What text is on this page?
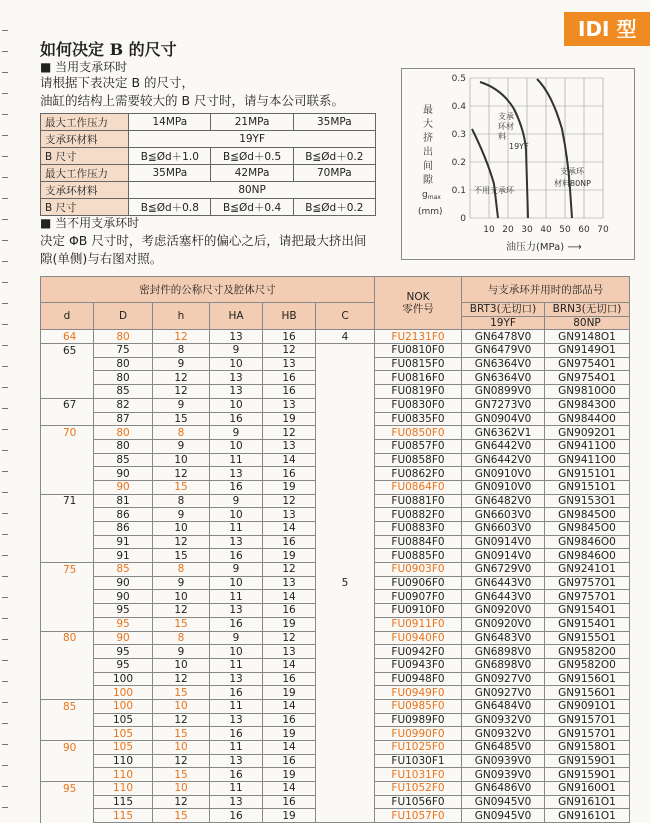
IDI 型
如何决定 B 的尺寸
■ 当用支承环时
请根据下表决定 B 的尺寸，
油缸的结构上需要较大的 B 尺寸时，请与本公司联系。
最大工作压力	14MPa	21MPa	35MPa
支承环材料	19YF		
B 尺寸	B≦Ød＋1.0	B≦Ød＋0.5	B≦Ød＋0.2
最大工作压力	35MPa	42MPa	70MPa
支承环材料	80NP		
B 尺寸	B≦Ød＋0.8	B≦Ød＋0.4	B≦Ød＋0.2
■ 当不用支承环时
决定 ΦB 尺寸时，考虑活塞杆的偏心之后，请把最大挤出间
隙(单侧)与右图对照。
0.5
0.4
0.3
0.2
0.1
0
10 20 30 40 50 60 70
油压力(MPa) ⟶
最
大
挤
出
间
隙
$g_{max}$
(mm)
支承
环材
料
19YF
支承环
材料80NP
不用支承环
密封件的公称尺寸及腔体尺寸						NOK
零件号	与支承环并用时的部品号	
d	D	h	HA	HB	C		BRT3(无切口)	BRN3(无切口)
							19YF	80NP
64	80	12	13	16	4	FU2131F0	GN6478V0	GN9148O1
65	75	8	9	12	5	FU0810F0	GN6479V0	GN9149O1
	80	9	10	13		FU0815F0	GN6364V0	GN9754O1
	80	12	13	16		FU0816F0	GN6364V0	GN9754O1
	85	12	13	16		FU0819F0	GN0899V0	GN9810O0
67	82	9	10	13		FU0830F0	GN7273V0	GN9843O0
	87	15	16	19		FU0835F0	GN0904V0	GN9844O0
70	80	8	9	12		FU0850F0	GN6362V1	GN9092O1
	80	9	10	13		FU0857F0	GN6442V0	GN9411O0
	85	10	11	14		FU0858F0	GN6442V0	GN9411O0
	90	12	13	16		FU0862F0	GN0910V0	GN9151O1
	90	15	16	19		FU0864F0	GN0910V0	GN9151O1
71	81	8	9	12		FU0881F0	GN6482V0	GN9153O1
	86	9	10	13		FU0882F0	GN6603V0	GN9845O0
	86	10	11	14		FU0883F0	GN6603V0	GN9845O0
	91	12	13	16		FU0884F0	GN0914V0	GN9846O0
	91	15	16	19		FU0885F0	GN0914V0	GN9846O0
75	85	8	9	12		FU0903F0	GN6729V0	GN9241O1
	90	9	10	13		FU0906F0	GN6443V0	GN9757O1
	90	10	11	14		FU0907F0	GN6443V0	GN9757O1
	95	12	13	16		FU0910F0	GN0920V0	GN9154O1
	95	15	16	19		FU0911F0	GN0920V0	GN9154O1
80	90	8	9	12		FU0940F0	GN6483V0	GN9155O1
	95	9	10	13		FU0942F0	GN6898V0	GN9582O0
	95	10	11	14		FU0943F0	GN6898V0	GN9582O0
	100	12	13	16		FU0948F0	GN0927V0	GN9156O1
	100	15	16	19		FU0949F0	GN0927V0	GN9156O1
85	100	10	11	14		FU0985F0	GN6484V0	GN9091O1
	105	12	13	16		FU0989F0	GN0932V0	GN9157O1
	105	15	16	19		FU0990F0	GN0932V0	GN9157O1
90	105	10	11	14		FU1025F0	GN6485V0	GN9158O1
	110	12	13	16		FU1030F1	GN0939V0	GN9159O1
	110	15	16	19		FU1031F0	GN0939V0	GN9159O1
95	110	10	11	14		FU1052F0	GN6486V0	GN9160O1
	115	12	13	16		FU1056F0	GN0945V0	GN9161O1
	115	15	16	19		FU1057F0	GN0945V0	GN9161O1
